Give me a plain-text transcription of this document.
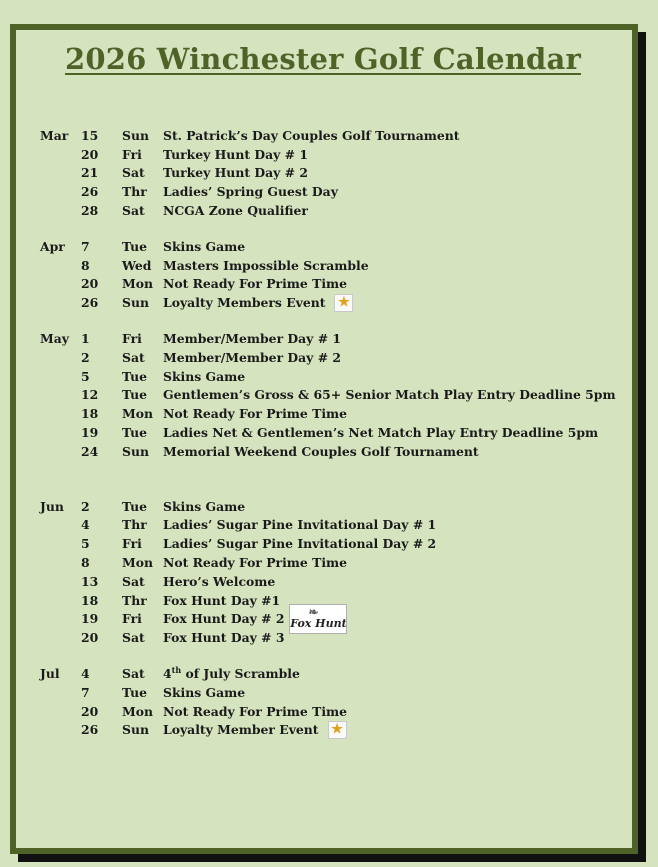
2026 Winchester Golf Calendar
Mar	15	Sun	St. Patrick’s Day Couples Golf Tournament
20	Fri	Turkey Hunt Day # 1
21	Sat	Turkey Hunt Day # 2
26	Thr	Ladies’ Spring Guest Day
28	Sat	NCGA Zone Qualifier
Apr	7	Tue	Skins Game
8	Wed Masters Impossible Scramble
20	Mon Not Ready For Prime Time
26	Sun	Loyalty Members Event ★
May 1	Fri	Member/Member Day # 1
2	Sat	Member/Member Day # 2
5	Tue	Skins Game
12	Tue	Gentlemen’s Gross & 65+ Senior Match Play Entry Deadline 5pm
18	Mon Not Ready For Prime Time
19	Tue	Ladies Net & Gentlemen’s Net Match Play Entry Deadline 5pm
24	Sun	Memorial Weekend Couples Golf Tournament
Jun	2	Tue	Skins Game
4	Thr	Ladies’ Sugar Pine Invitational Day # 1
5	Fri	Ladies’ Sugar Pine Invitational Day # 2
8	Mon Not Ready For Prime Time
13	Sat	Hero’s Welcome
18	Thr	Fox Hunt Day #1
19	Fri	Fox Hunt Day # 2 ❧
Fox Hunt
20	Sat	Fox Hunt Day # 3
Jul	4	Sat	4th of July Scramble
7	Tue	Skins Game
20	Mon Not Ready For Prime Time
26	Sun	Loyalty Member Event ★
